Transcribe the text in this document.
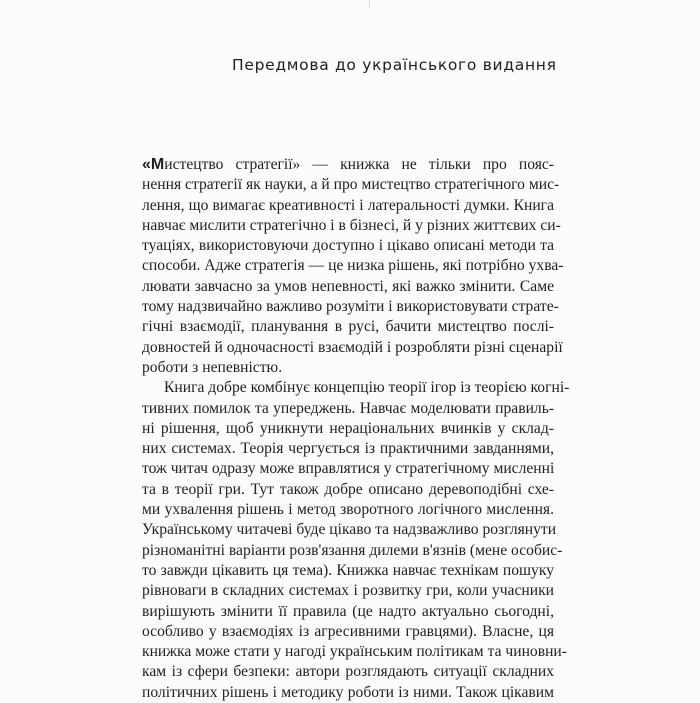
Передмова до українського видання
«Мистецтво стратегії» — книжка не тільки про пояс-
нення стратегії як науки, а й про мистецтво стратегічного мис-
лення, що вимагає креативності і латеральності думки. Книга
навчає мислити стратегічно і в бізнесі, й у різних життєвих си-
туаціях, використовуючи доступно і цікаво описані методи та
способи. Адже стратегія — це низка рішень, які потрібно ухва-
лювати завчасно за умов непевності, які важко змінити. Саме
тому надзвичайно важливо розуміти і використовувати страте-
гічні взаємодії, планування в русі, бачити мистецтво послі-
довностей й одночасності взаємодій і розробляти різні сценарії
роботи з непевністю.
Книга добре комбінує концепцію теорії ігор із теорією когні-
тивних помилок та упереджень. Навчає моделювати правиль-
ні рішення, щоб уникнути нераціональних вчинків у склад-
них системах. Теорія чергується із практичними завданнями,
тож читач одразу може вправлятися у стратегічному мисленні
та в теорії гри. Тут також добре описано деревоподібні схе-
ми ухвалення рішень і метод зворотного логічного мислення.
Українському читачеві буде цікаво та надзважливо розглянути
різноманітні варіанти розв'язання дилеми в'язнів (мене особис-
то завжди цікавить ця тема). Книжка навчає технікам пошуку
рівноваги в складних системах і розвитку гри, коли учасники
вирішують змінити її правила (це надто актуально сьогодні,
особливо у взаємодіях із агресивними гравцями). Власне, ця
книжка може стати у нагоді українським політикам та чиновни-
кам із сфери безпеки: автори розглядають ситуації складних
політичних рішень і методику роботи із ними. Також цікавим
